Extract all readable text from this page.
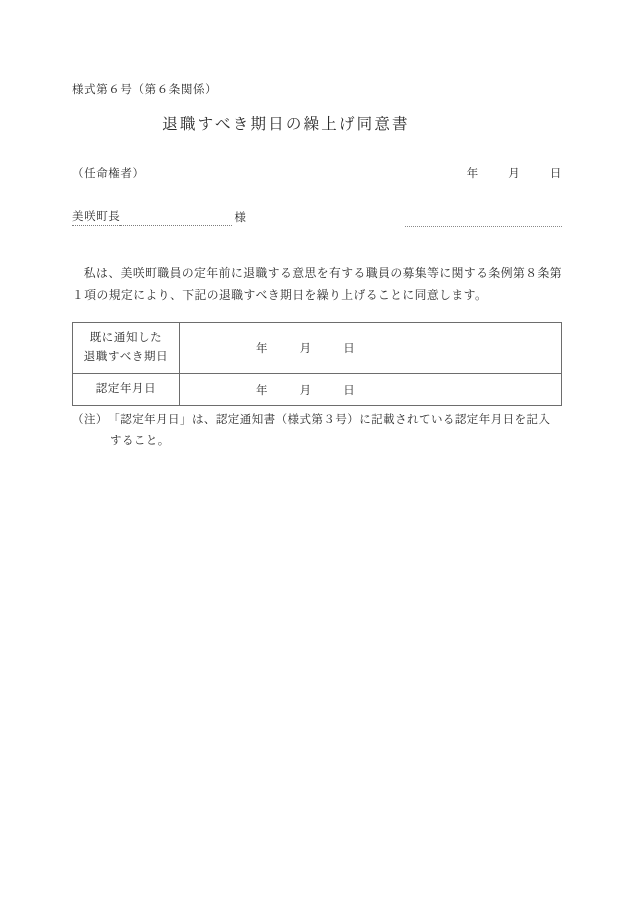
様式第６号（第６条関係）
退職すべき期日の繰上げ同意書
（任命権者）	年	月	日
美咲町長	様
私は、美咲町職員の定年前に退職する意思を有する職員の募集等に関する条例第８条第１項の規定により、下記の退職すべき期日を繰り上げることに同意します。
既に通知した
退職すべき期日	年 月 日

認定年月日	年 月 日
（注）　「認定年月日」は、認定通知書（様式第３号）に記載されている認定年月日を記入
すること。
